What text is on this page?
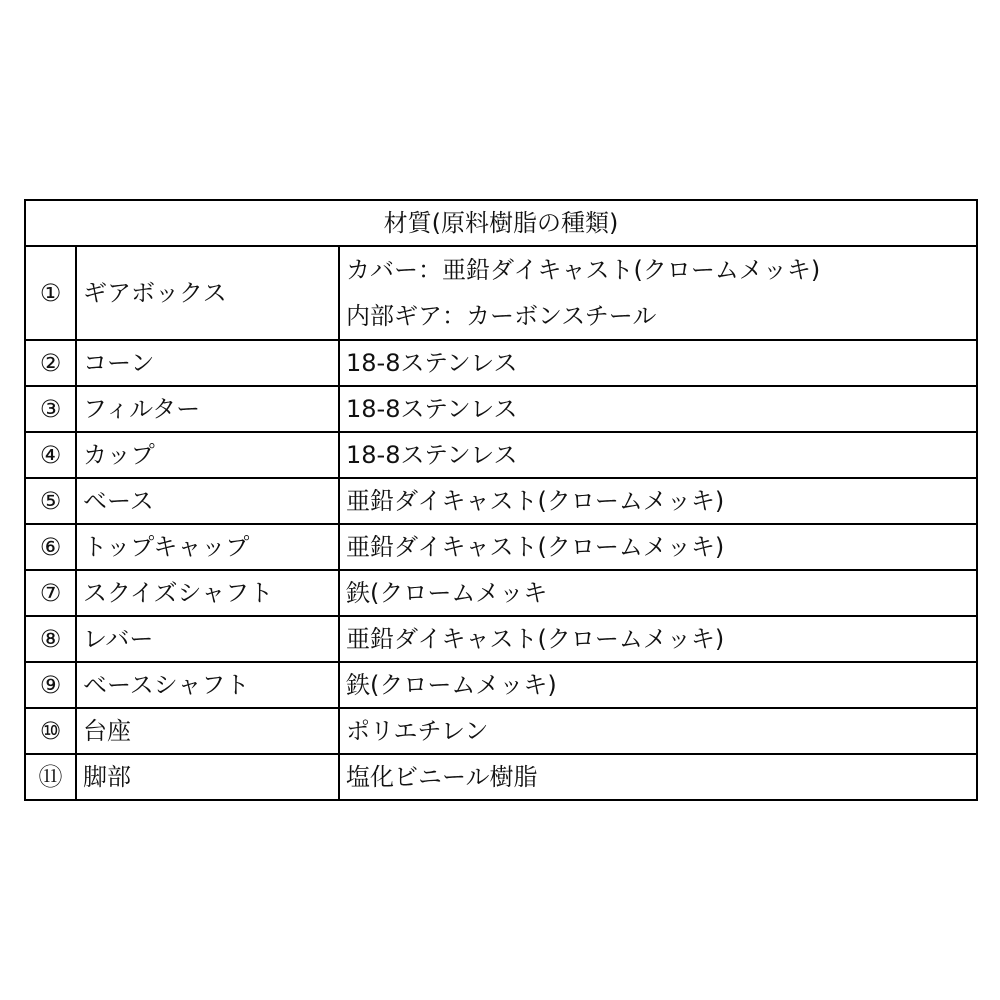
材質(原料樹脂の種類)		
①	ギアボックス	カバー：亜鉛ダイキャスト(クロームメッキ)
内部ギア：カーボンスチール

②	コーン	18-8ステンレス
③	フィルター	18-8ステンレス
④	カップ	18-8ステンレス
⑤	ベース	亜鉛ダイキャスト(クロームメッキ)
⑥	トップキャップ	亜鉛ダイキャスト(クロームメッキ)
⑦	スクイズシャフト	鉄(クロームメッキ
⑧	レバー	亜鉛ダイキャスト(クロームメッキ)
⑨	ベースシャフト	鉄(クロームメッキ)
⑩	台座	ポリエチレン
⑪	脚部	塩化ビニール樹脂
